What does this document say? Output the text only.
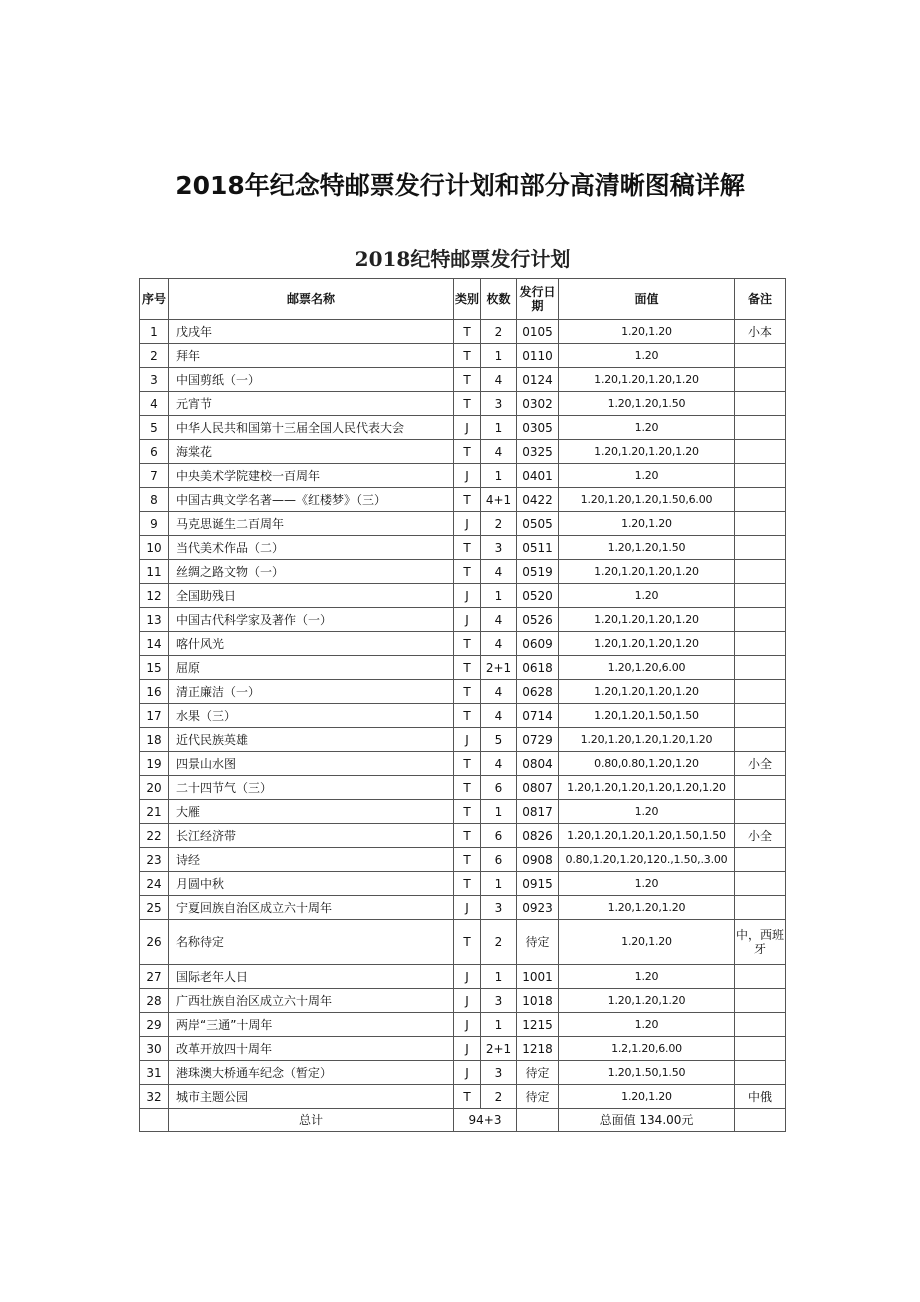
2018年纪念特邮票发行计划和部分高清晰图稿详解
2018纪特邮票发行计划
序号	邮票名称	类别	枚数	发行日期	面值	备注
1	戊戌年	T	2	0105	1.20,1.20	小本
2	拜年	T	1	0110	1.20	
3	中国剪纸（一）	T	4	0124	1.20,1.20,1.20,1.20	
4	元宵节	T	3	0302	1.20,1.20,1.50	
5	中华人民共和国第十三届全国人民代表大会	J	1	0305	1.20	
6	海棠花	T	4	0325	1.20,1.20,1.20,1.20	
7	中央美术学院建校一百周年	J	1	0401	1.20	
8	中国古典文学名著——《红楼梦》（三）	T	4+1	0422	1.20,1.20,1.20,1.50,6.00	
9	马克思诞生二百周年	J	2	0505	1.20,1.20	
10	当代美术作品（二）	T	3	0511	1.20,1.20,1.50	
11	丝绸之路文物（一）	T	4	0519	1.20,1.20,1.20,1.20	
12	全国助残日	J	1	0520	1.20	
13	中国古代科学家及著作（一）	J	4	0526	1.20,1.20,1.20,1.20	
14	喀什风光	T	4	0609	1.20,1.20,1.20,1.20	
15	屈原	T	2+1	0618	1.20,1.20,6.00	
16	清正廉洁（一）	T	4	0628	1.20,1.20,1.20,1.20	
17	水果（三）	T	4	0714	1.20,1.20,1.50,1.50	
18	近代民族英雄	J	5	0729	1.20,1.20,1.20,1.20,1.20	
19	四景山水图	T	4	0804	0.80,0.80,1.20,1.20	小全
20	二十四节气（三）	T	6	0807	1.20,1.20,1.20,1.20,1.20,1.20	
21	大雁	T	1	0817	1.20	
22	长江经济带	T	6	0826	1.20,1.20,1.20,1.20,1.50,1.50	小全
23	诗经	T	6	0908	0.80,1.20,1.20,120.,1.50,.3.00	
24	月圆中秋	T	1	0915	1.20	
25	宁夏回族自治区成立六十周年	J	3	0923	1.20,1.20,1.20	
26	名称待定	T	2	待定	1.20,1.20	中，西班牙
27	国际老年人日	J	1	1001	1.20	
28	广西壮族自治区成立六十周年	J	3	1018	1.20,1.20,1.20	
29	两岸“三通”十周年	J	1	1215	1.20	
30	改革开放四十周年	J	2+1	1218	1.2,1.20,6.00	
31	港珠澳大桥通车纪念（暂定）	J	3	待定	1.20,1.50,1.50	
32	城市主题公园	T	2	待定	1.20,1.20	中俄
	总计	94+3			总面值 134.00元	
